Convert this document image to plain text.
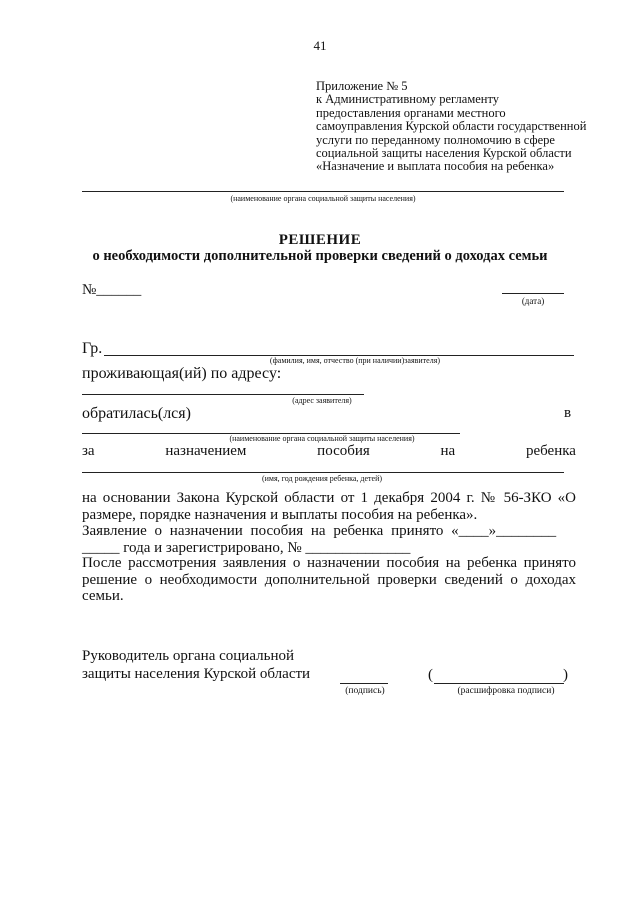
41
Приложение № 5
к Административному регламенту
предоставления органами местного
самоуправления Курской области государственной
услуги по переданному полномочию в сфере
социальной защиты населения Курской области
«Назначение и выплата пособия на ребенка»
(наименование органа социальной защиты населения)
РЕШЕНИЕ
о необходимости дополнительной проверки сведений о доходах семьи
№______
(дата)
Гр.
(фамилия, имя, отчество (при наличии)заявителя)
проживающая(ий) по адресу:
(адрес заявителя)
обратилась(лся)	в
(наименование органа социальной защиты населения)
за	назначением	пособия	на	ребенка
(имя, год рождения ребенка, детей)
на основании Закона Курской области от 1 декабря 2004 г. № 56-ЗКО «О размере, порядке назначения и выплаты пособия на ребенка».
Заявление о назначении пособия на ребенка принято «____»________
_____ года и зарегистрировано, № ______________
После рассмотрения заявления о назначении пособия на ребенка принято решение о необходимости дополнительной проверки сведений о доходах семьи.
Руководитель органа социальной
защиты населения Курской области
(подпись)
(	)
(расшифровка подписи)
